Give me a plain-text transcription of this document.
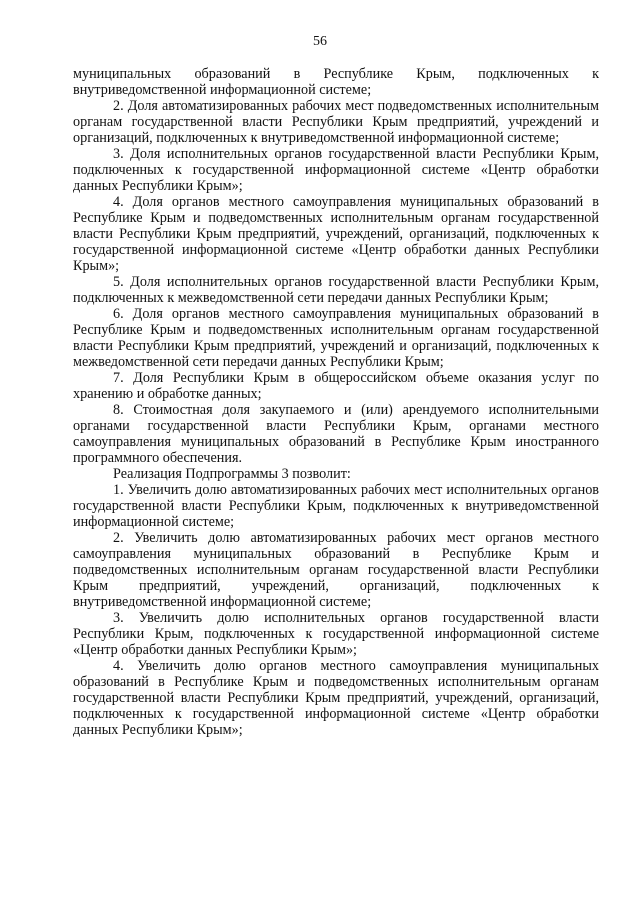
56

муниципальных образований в Республике Крым, подключенных к внутриведомственной информационной системе;

2. Доля автоматизированных рабочих мест подведомственных исполнительным органам государственной власти Республики Крым предприятий, учреждений и организаций, подключенных к внутриведомственной информационной системе;

3. Доля исполнительных органов государственной власти Республики Крым, подключенных к государственной информационной системе «Центр обработки данных Республики Крым»;

4. Доля органов местного самоуправления муниципальных образований в Республике Крым и подведомственных исполнительным органам государственной власти Республики Крым предприятий, учреждений, организаций, подключенных к государственной информационной системе «Центр обработки данных Республики Крым»;

5. Доля исполнительных органов государственной власти Республики Крым, подключенных к межведомственной сети передачи данных Республики Крым;

6. Доля органов местного самоуправления муниципальных образований в Республике Крым и подведомственных исполнительным органам государственной власти Республики Крым предприятий, учреждений и организаций, подключенных к межведомственной сети передачи данных Республики Крым;

7. Доля Республики Крым в общероссийском объеме оказания услуг по хранению и обработке данных;

8. Стоимостная доля закупаемого и (или) арендуемого исполнительными органами государственной власти Республики Крым, органами местного самоуправления муниципальных образований в Республике Крым иностранного программного обеспечения.

Реализация Подпрограммы 3 позволит:

1. Увеличить долю автоматизированных рабочих мест исполнительных органов государственной власти Республики Крым, подключенных к внутриведомственной информационной системе;

2. Увеличить долю автоматизированных рабочих мест органов местного самоуправления муниципальных образований в Республике Крым и подведомственных исполнительным органам государственной власти Республики Крым предприятий, учреждений, организаций, подключенных к внутриведомственной информационной системе;

3. Увеличить долю исполнительных органов государственной власти Республики Крым, подключенных к государственной информационной системе «Центр обработки данных Республики Крым»;

4. Увеличить долю органов местного самоуправления муниципальных образований в Республике Крым и подведомственных исполнительным органам государственной власти Республики Крым предприятий, учреждений, организаций, подключенных к государственной информационной системе «Центр обработки данных Республики Крым»;
